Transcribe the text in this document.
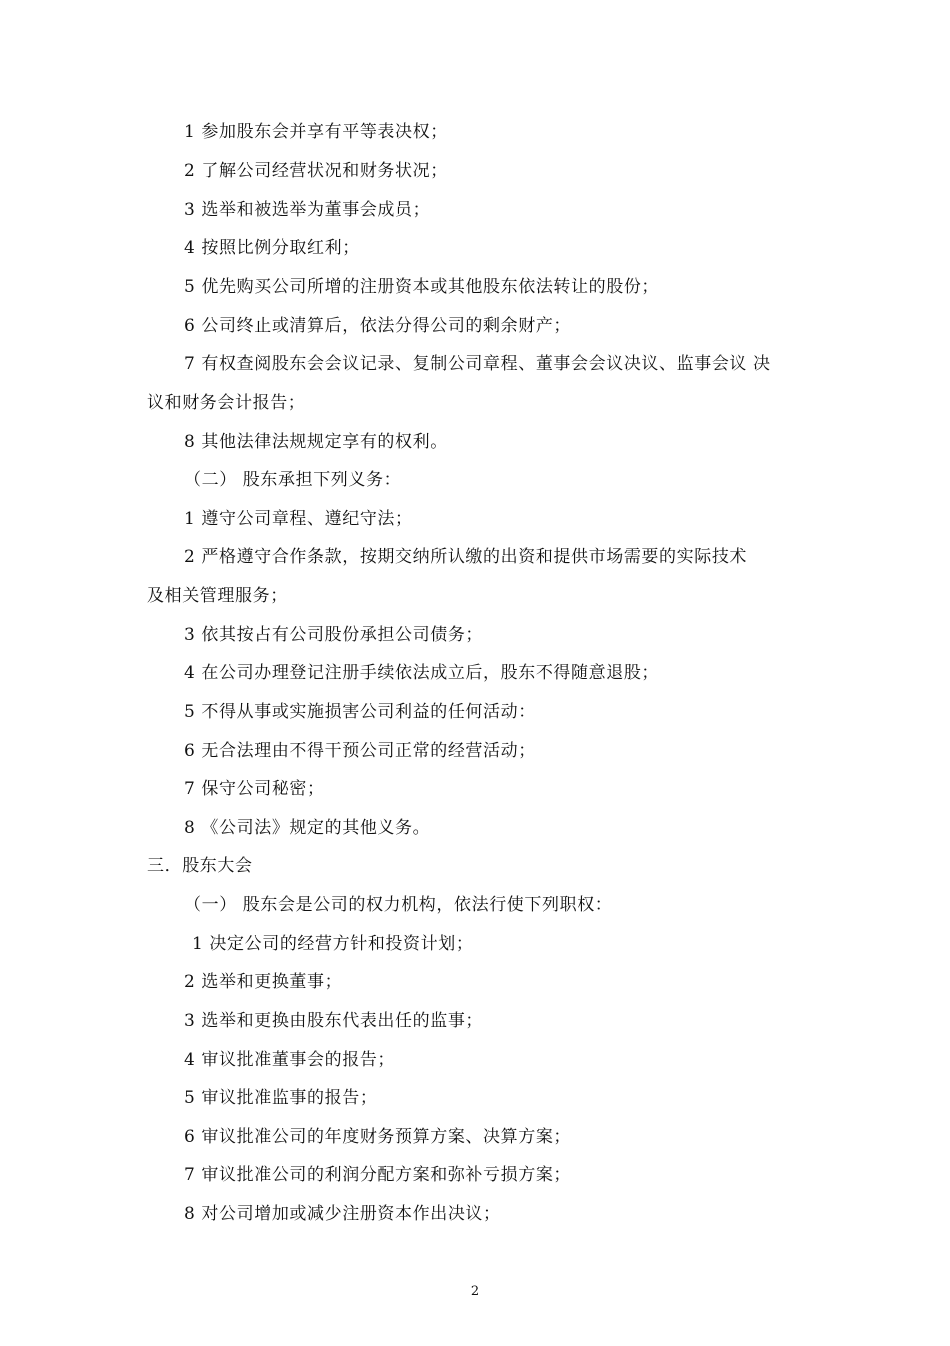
1 参加股东会并享有平等表决权；
2 了解公司经营状况和财务状况；
3 选举和被选举为董事会成员；
4 按照比例分取红利；
5 优先购买公司所增的注册资本或其他股东依法转让的股份；
6 公司终止或清算后，依法分得公司的剩余财产；
7 有权查阅股东会会议记录、复制公司章程、董事会会议决议、监事会议 决
议和财务会计报告；
8 其他法律法规规定享有的权利。
（二） 股东承担下列义务：
1 遵守公司章程、遵纪守法；
2 严格遵守合作条款，按期交纳所认缴的出资和提供市场需要的实际技术
及相关管理服务；
3 依其按占有公司股份承担公司债务；
4 在公司办理登记注册手续依法成立后，股东不得随意退股；
5 不得从事或实施损害公司利益的任何活动：
6 无合法理由不得干预公司正常的经营活动；
7 保守公司秘密；
8 《公司法》规定的其他义务。
三．股东大会
（一） 股东会是公司的权力机构，依法行使下列职权：
1 决定公司的经营方针和投资计划；
2 选举和更换董事；
3 选举和更换由股东代表出任的监事；
4 审议批准董事会的报告；
5 审议批准监事的报告；
6 审议批准公司的年度财务预算方案、决算方案；
7 审议批准公司的利润分配方案和弥补亏损方案；
8 对公司增加或减少注册资本作出决议；
2
